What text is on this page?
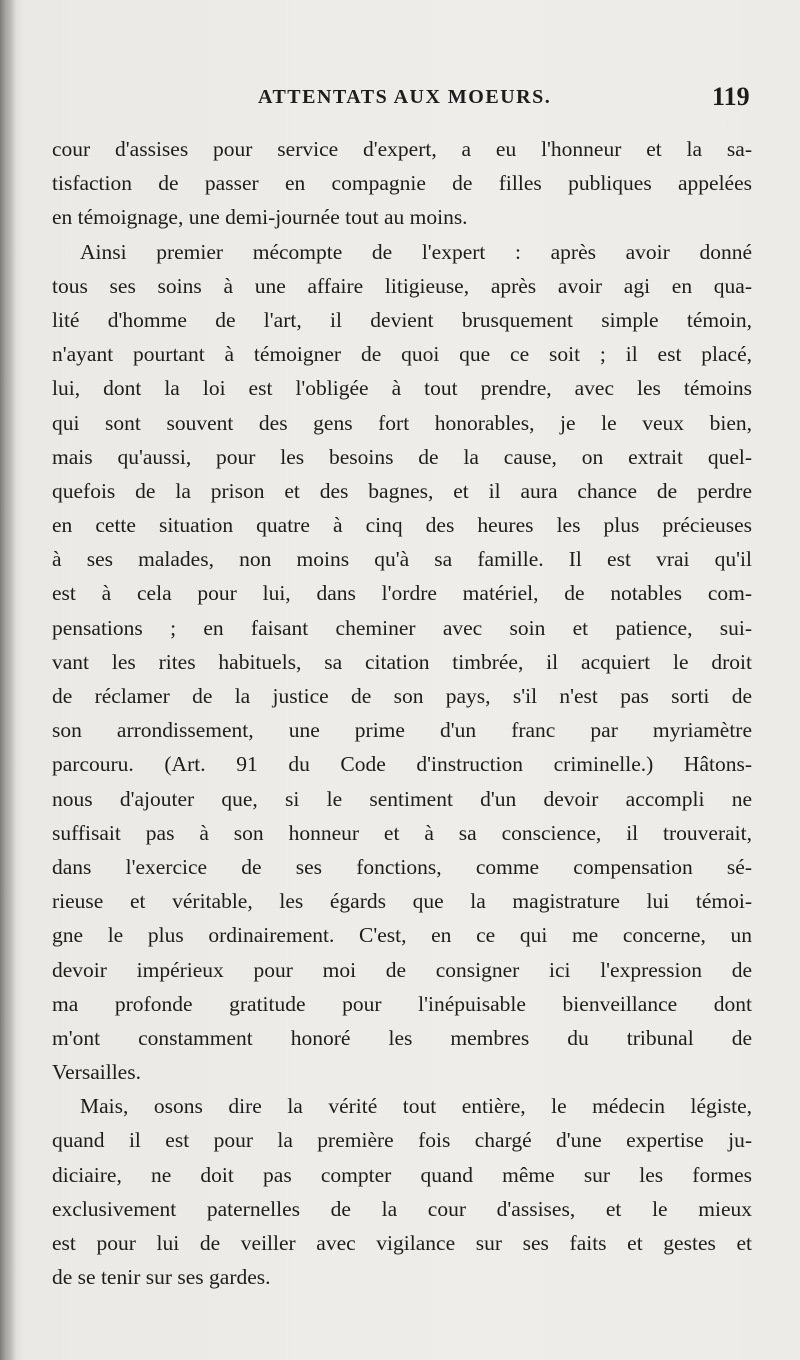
ATTENTATS AUX MOEURS.	119
cour d'assises pour service d'expert, a eu l'honneur et la sa-
tisfaction de passer en compagnie de filles publiques appelées
en témoignage, une demi-journée tout au moins.
Ainsi premier mécompte de l'expert : après avoir donné
tous ses soins à une affaire litigieuse, après avoir agi en qua-
lité d'homme de l'art, il devient brusquement simple témoin,
n'ayant pourtant à témoigner de quoi que ce soit ; il est placé,
lui, dont la loi est l'obligée à tout prendre, avec les témoins
qui sont souvent des gens fort honorables, je le veux bien,
mais qu'aussi, pour les besoins de la cause, on extrait quel-
quefois de la prison et des bagnes, et il aura chance de perdre
en cette situation quatre à cinq des heures les plus précieuses
à ses malades, non moins qu'à sa famille. Il est vrai qu'il
est à cela pour lui, dans l'ordre matériel, de notables com-
pensations ; en faisant cheminer avec soin et patience, sui-
vant les rites habituels, sa citation timbrée, il acquiert le droit
de réclamer de la justice de son pays, s'il n'est pas sorti de
son arrondissement, une prime d'un franc par myriamètre
parcouru. (Art. 91 du Code d'instruction criminelle.) Hâtons-
nous d'ajouter que, si le sentiment d'un devoir accompli ne
suffisait pas à son honneur et à sa conscience, il trouverait,
dans l'exercice de ses fonctions, comme compensation sé-
rieuse et véritable, les égards que la magistrature lui témoi-
gne le plus ordinairement. C'est, en ce qui me concerne, un
devoir impérieux pour moi de consigner ici l'expression de
ma profonde gratitude pour l'inépuisable bienveillance dont
m'ont constamment honoré les membres du tribunal de
Versailles.
Mais, osons dire la vérité tout entière, le médecin légiste,
quand il est pour la première fois chargé d'une expertise ju-
diciaire, ne doit pas compter quand même sur les formes
exclusivement paternelles de la cour d'assises, et le mieux
est pour lui de veiller avec vigilance sur ses faits et gestes et
de se tenir sur ses gardes.
